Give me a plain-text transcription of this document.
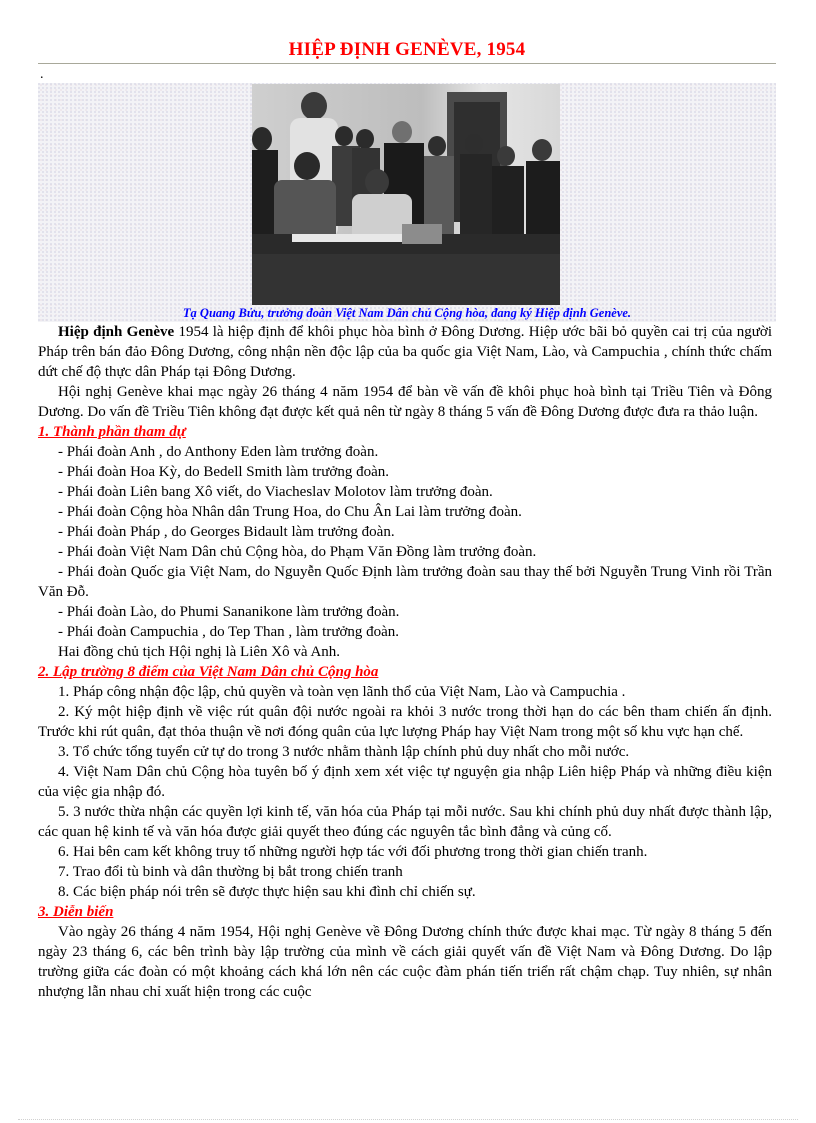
HIỆP ĐỊNH GENÈVE, 1954
.
Tạ Quang Bửu, trưởng đoàn Việt Nam Dân chủ Cộng hòa, đang ký Hiệp định Genève.

Hiệp định Genève 1954 là hiệp định để khôi phục hòa bình ở Đông Dương. Hiệp ước bãi bỏ quyền cai trị của người Pháp trên bán đảo Đông Dương, công nhận nền độc lập của ba quốc gia Việt Nam, Lào, và Campuchia , chính thức chấm dứt chế độ thực dân Pháp tại Đông Dương.

Hội nghị Genève khai mạc ngày 26 tháng 4 năm 1954 để bàn về vấn đề khôi phục hoà bình tại Triều Tiên và Đông Dương. Do vấn đề Triều Tiên không đạt được kết quả nên từ ngày 8 tháng 5 vấn đề Đông Dương được đưa ra thảo luận.

1. Thành phần tham dự

- Phái đoàn Anh , do Anthony Eden làm trưởng đoàn.

- Phái đoàn Hoa Kỳ, do Bedell Smith làm trưởng đoàn.

- Phái đoàn Liên bang Xô viết, do Viacheslav Molotov làm trưởng đoàn.

- Phái đoàn Cộng hòa Nhân dân Trung Hoa, do Chu Ân Lai làm trưởng đoàn.

- Phái đoàn Pháp , do Georges Bidault làm trưởng đoàn.

- Phái đoàn Việt Nam Dân chủ Cộng hòa, do Phạm Văn Đồng làm trưởng đoàn.

- Phái đoàn Quốc gia Việt Nam, do Nguyễn Quốc Định làm trưởng đoàn sau thay thế bởi Nguyễn Trung Vinh rồi Trần Văn Đỗ.

- Phái đoàn Lào, do Phumi Sananikone làm trưởng đoàn.

- Phái đoàn Campuchia , do Tep Than , làm trưởng đoàn.

Hai đồng chủ tịch Hội nghị là Liên Xô và Anh.

2. Lập trường 8 điểm của Việt Nam Dân chủ Cộng hòa

1. Pháp công nhận độc lập, chủ quyền và toàn vẹn lãnh thổ của Việt Nam, Lào và Campuchia .

2. Ký một hiệp định về việc rút quân đội nước ngoài ra khỏi 3 nước trong thời hạn do các bên tham chiến ấn định. Trước khi rút quân, đạt thỏa thuận về nơi đóng quân của lực lượng Pháp hay Việt Nam trong một số khu vực hạn chế.

3. Tổ chức tổng tuyển cử tự do trong 3 nước nhằm thành lập chính phủ duy nhất cho mỗi nước.

4. Việt Nam Dân chủ Cộng hòa tuyên bố ý định xem xét việc tự nguyện gia nhập Liên hiệp Pháp và những điều kiện của việc gia nhập đó.

5. 3 nước thừa nhận các quyền lợi kinh tế, văn hóa của Pháp tại mỗi nước. Sau khi chính phủ duy nhất được thành lập, các quan hệ kinh tế và văn hóa được giải quyết theo đúng các nguyên tắc bình đẳng và củng cố.

6. Hai bên cam kết không truy tố những người hợp tác với đối phương trong thời gian chiến tranh.

7. Trao đổi tù binh và dân thường bị bắt trong chiến tranh

8. Các biện pháp nói trên sẽ được thực hiện sau khi đình chỉ chiến sự.

3. Diễn biến

Vào ngày 26 tháng 4 năm 1954, Hội nghị Genève về Đông Dương chính thức được khai mạc. Từ ngày 8 tháng 5 đến ngày 23 tháng 6, các bên trình bày lập trường của mình về cách giải quyết vấn đề Việt Nam và Đông Dương. Do lập trường giữa các đoàn có một khoảng cách khá lớn nên các cuộc đàm phán tiến triển rất chậm chạp. Tuy nhiên, sự nhân nhượng lẫn nhau chỉ xuất hiện trong các cuộc
